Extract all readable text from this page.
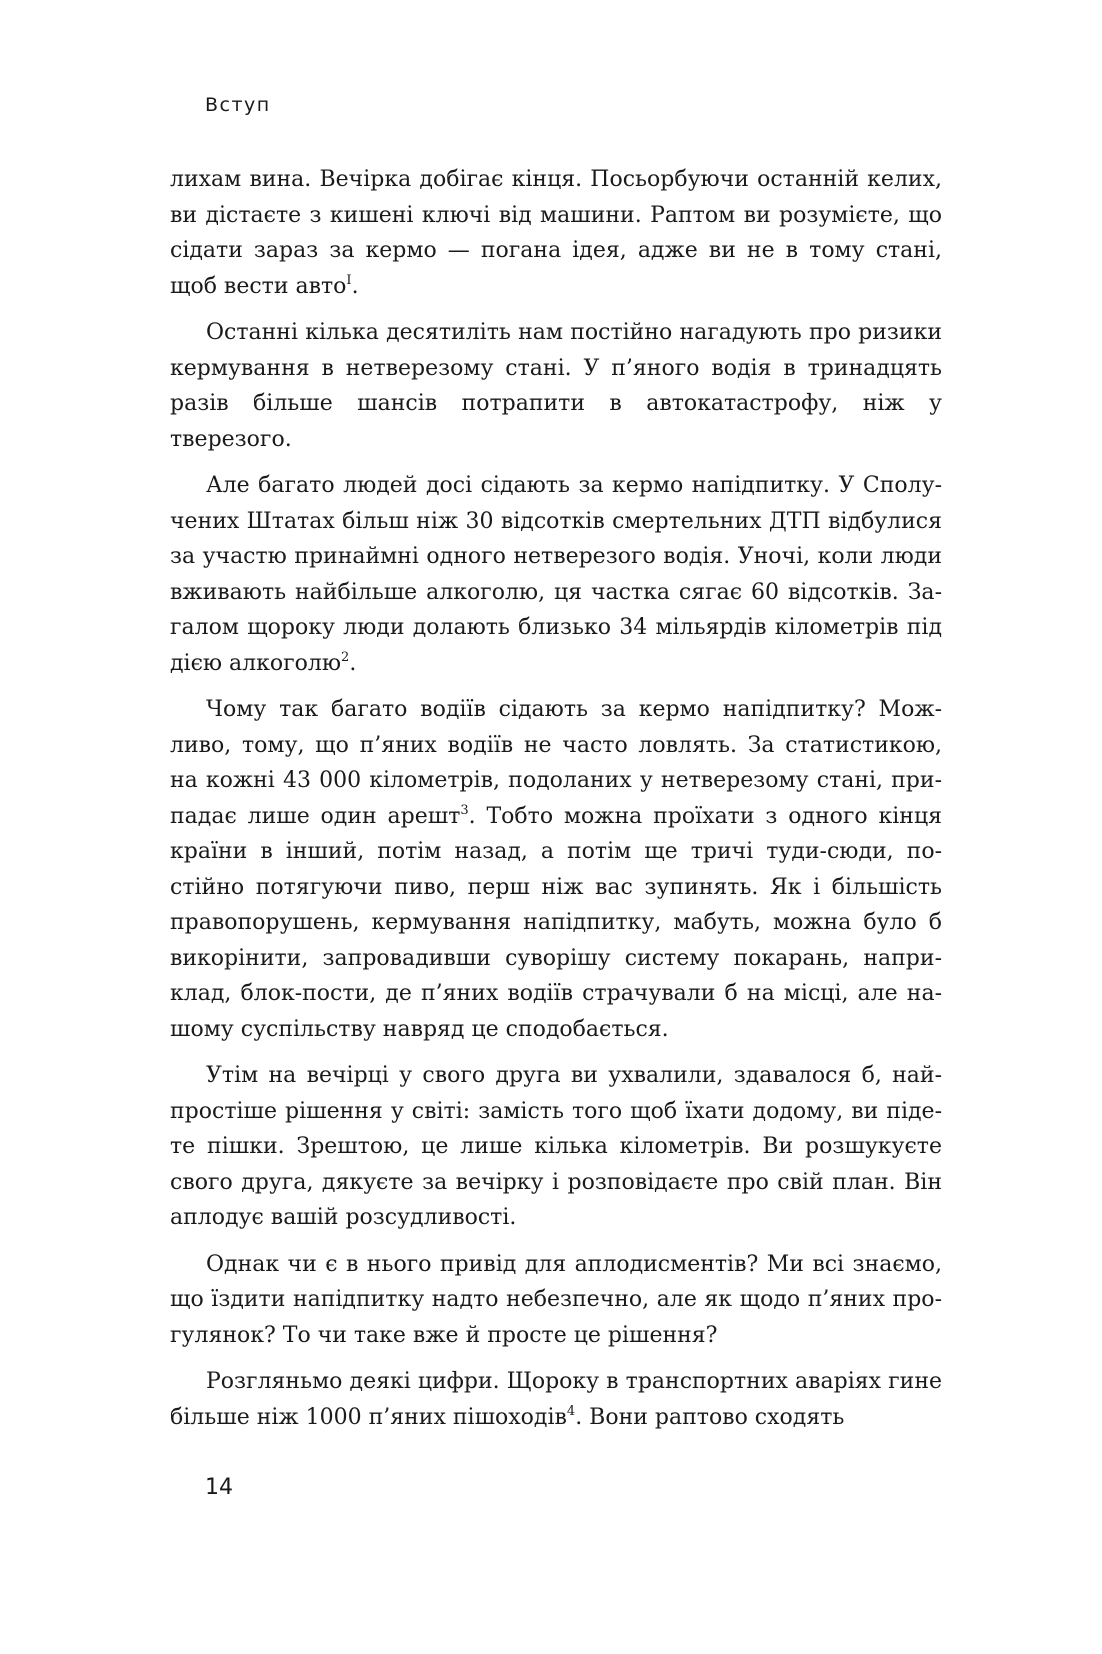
Вступ

лихам вина. Вечірка добігає кінця. Посьорбуючи останній келих, ви дістаєте з кишені ключі від машини. Раптом ви розумієте, що сідати зараз за кермо — погана ідея, адже ви не в тому стані, щоб вести авто$^I$.

Останні кілька десятиліть нам постійно нагадують про ризики кермування в нетверезому стані. У п’яного водія в тринадцять разів більше шансів потрапити в автокатастрофу, ніж у тверезого.

Але багато людей досі сідають за кермо напідпитку. У Сполучених Штатах більш ніж 30 відсотків смертельних ДТП відбулися за участю принаймні одного нетверезого водія. Уночі, коли люди вживають найбільше алкоголю, ця частка сягає 60 відсотків. Загалом щороку люди долають близько 34 мільярдів кілометрів під дією алкоголю$^2$.

Чому так багато водіїв сідають за кермо напідпитку? Можливо, тому, що п’яних водіїв не часто ловлять. За статистикою, на кожні 43 000 кілометрів, подоланих у нетверезому стані, припадає лише один арешт$^3$. Тобто можна проїхати з одного кінця країни в інший, потім назад, а потім ще тричі туди-сюди, постійно потягуючи пиво, перш ніж вас зупинять. Як і більшість правопорушень, кермування напідпитку, мабуть, можна було б викорінити, запровадивши суворішу систему покарань, наприклад, блок-пости, де п’яних водіїв страчували б на місці, але нашому суспільству навряд це сподобається.

Утім на вечірці у свого друга ви ухвалили, здавалося б, найпростіше рішення у світі: замість того щоб їхати додому, ви підете пішки. Зрештою, це лише кілька кілометрів. Ви розшукуєте свого друга, дякуєте за вечірку і розповідаєте про свій план. Він аплодує вашій розсудливості.

Однак чи є в нього привід для аплодисментів? Ми всі знаємо, що їздити напідпитку надто небезпечно, але як щодо п’яних прогулянок? То чи таке вже й просте це рішення?

Розгляньмо деякі цифри. Щороку в транспортних аваріях гине більше ніж 1000 п’яних пішоходів$^4$. Вони раптово сходять

14
